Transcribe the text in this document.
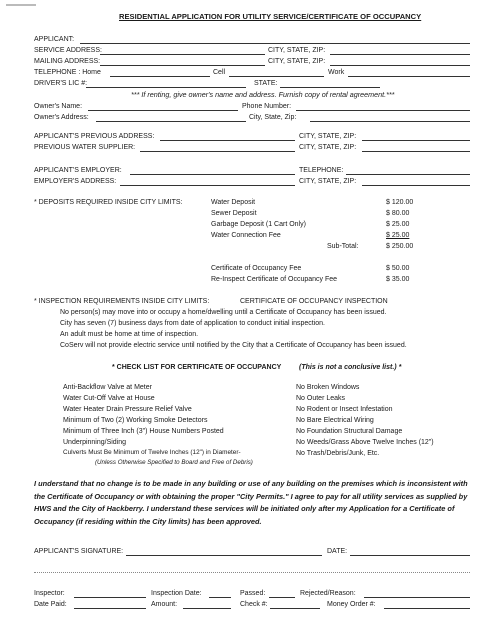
RESIDENTIAL APPLICATION FOR UTILITY SERVICE/CERTIFICATE OF OCCUPANCY
APPLICANT:
SERVICE ADDRESS:	CITY, STATE, ZIP:
MAILING ADDRESS:	CITY, STATE, ZIP:
TELEPHONE : Home	Cell	Work
DRIVER'S LIC #:	STATE:
*** If renting, give owner's name and address. Furnish copy of rental agreement.***
Owner's Name:	Phone Number:
Owner's Address:	City, State, Zip:
APPLICANT'S PREVIOUS ADDRESS:	CITY, STATE, ZIP:
PREVIOUS WATER SUPPLIER:	CITY, STATE, ZIP:
APPLICANT'S EMPLOYER:	TELEPHONE:
EMPLOYER'S ADDRESS:	CITY, STATE, ZIP:
* DEPOSITS REQUIRED INSIDE CITY LIMITS:	Water Deposit	$ 120.00
Sewer Deposit	$ 80.00
Garbage Deposit (1 Cart Only)	$ 25.00
Water Connection Fee	$ 25.00
Sub-Total:	$ 250.00
Certificate of Occupancy Fee	$ 50.00
Re-Inspect Certificate of Occupancy Fee	$ 35.00
* INSPECTION REQUIREMENTS INSIDE CITY LIMITS:	CERTIFICATE OF OCCUPANCY INSPECTION
No person(s) may move into or occupy a home/dwelling until a Certificate of Occupancy has been issued.
City has seven (7) business days from date of application to conduct initial inspection.
An adult must be home at time of inspection.
CoServ will not provide electric service until notified by the City that a Certificate of Occupancy has been issued.
* CHECK LIST FOR CERTIFICATE OF OCCUPANCY	(This is not a conclusive list.) *
Anti-Backflow Valve at Meter
Water Cut-Off Valve at House
Water Heater Drain Pressure Relief Valve
Minimum of Two (2) Working Smoke Detectors
Minimum of Three Inch (3") House Numbers Posted
Underpinning/Siding
Culverts Must Be Minimum of Twelve Inches (12") in Diameter-
(Unless Otherwise Specified to Board and Free of Debris)
No Broken Windows
No Outer Leaks
No Rodent or Insect Infestation
No Bare Electrical Wiring
No Foundation Structural Damage
No Weeds/Grass Above Twelve Inches (12")
No Trash/Debris/Junk, Etc.
I understand that no change is to be made in any building or use of any building on the premises which is inconsistent with the Certificate of Occupancy or with obtaining the proper "City Permits." I agree to pay for all utility services as supplied by HWS and the City of Hackberry. I understand these services will be initiated only after my Application for a Certificate of Occupancy (if residing within the City limits) has been approved.
APPLICANT'S SIGNATURE:	DATE:
Inspector:	Inspection Date:	Passed:	Rejected/Reason:
Date Paid:	Amount:	Check #:	Money Order #:
